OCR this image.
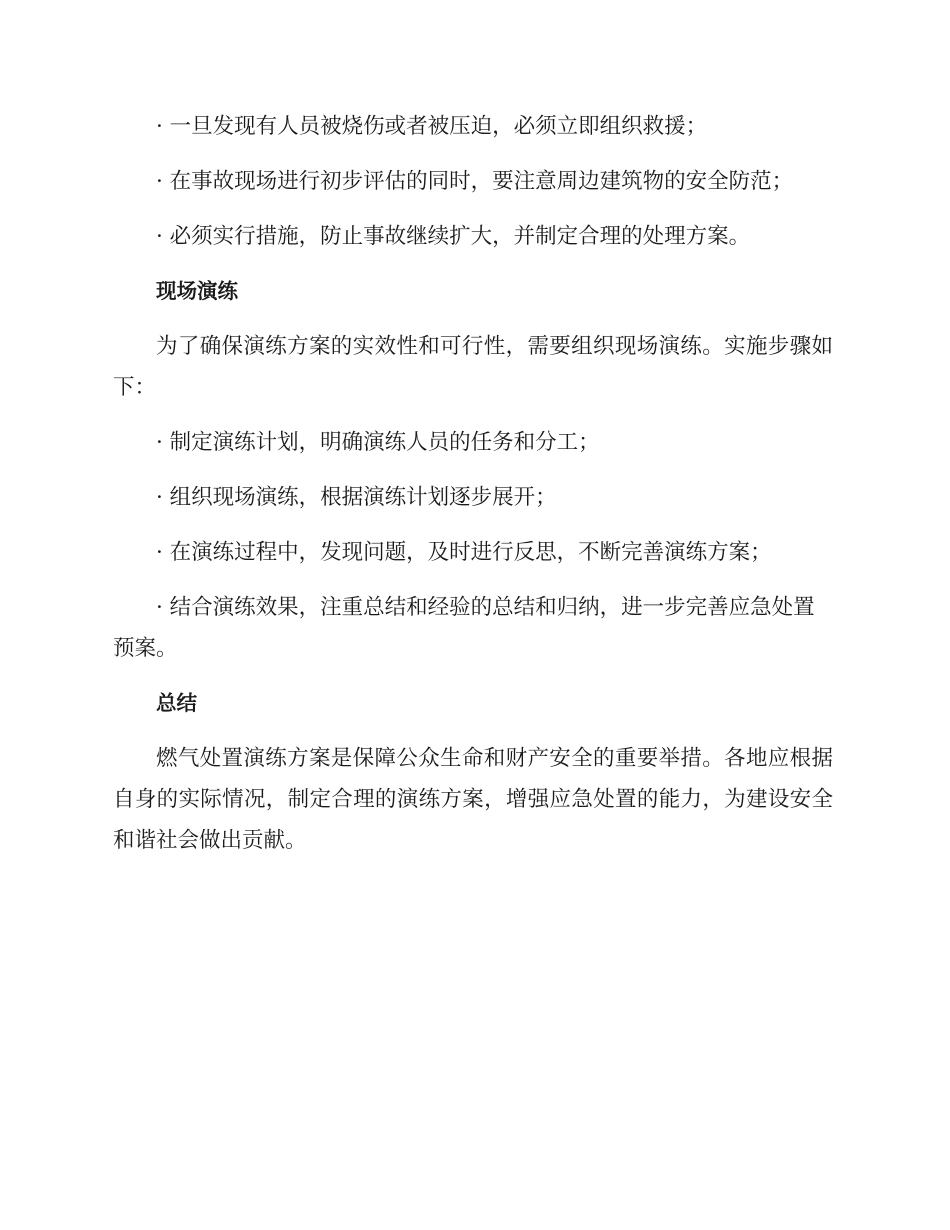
· 一旦发现有人员被烧伤或者被压迫，必须立即组织救援；

· 在事故现场进行初步评估的同时，要注意周边建筑物的安全防范；

· 必须实行措施，防止事故继续扩大，并制定合理的处理方案。

现场演练

为了确保演练方案的实效性和可行性，需要组织现场演练。实施步骤如下：

· 制定演练计划，明确演练人员的任务和分工；

· 组织现场演练，根据演练计划逐步展开；

· 在演练过程中，发现问题，及时进行反思，不断完善演练方案；

· 结合演练效果，注重总结和经验的总结和归纳，进一步完善应急处置预案。

总结

燃气处置演练方案是保障公众生命和财产安全的重要举措。各地应根据自身的实际情况，制定合理的演练方案，增强应急处置的能力，为建设安全和谐社会做出贡献。
